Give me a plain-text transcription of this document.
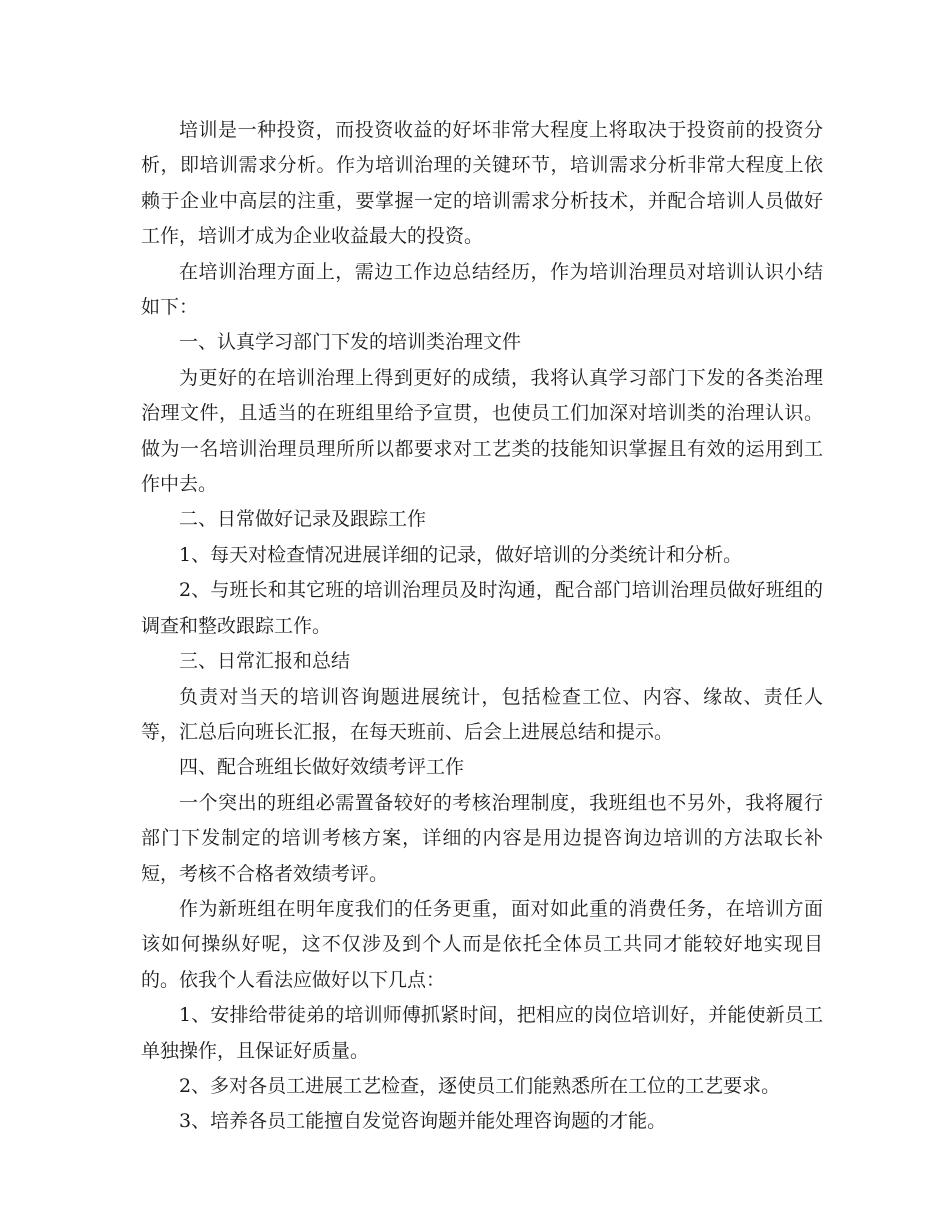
培训是一种投资，而投资收益的好坏非常大程度上将取决于投资前的投资分析，即培训需求分析。作为培训治理的关键环节，培训需求分析非常大程度上依赖于企业中高层的注重，要掌握一定的培训需求分析技术，并配合培训人员做好工作，培训才成为企业收益最大的投资。

在培训治理方面上，需边工作边总结经历，作为培训治理员对培训认识小结如下：

一、认真学习部门下发的培训类治理文件

为更好的在培训治理上得到更好的成绩，我将认真学习部门下发的各类治理治理文件，且适当的在班组里给予宣贯，也使员工们加深对培训类的治理认识。做为一名培训治理员理所所以都要求对工艺类的技能知识掌握且有效的运用到工作中去。

二、日常做好记录及跟踪工作

1、每天对检查情况进展详细的记录，做好培训的分类统计和分析。

2、与班长和其它班的培训治理员及时沟通，配合部门培训治理员做好班组的调查和整改跟踪工作。

三、日常汇报和总结

负责对当天的培训咨询题进展统计，包括检查工位、内容、缘故、责任人等，汇总后向班长汇报，在每天班前、后会上进展总结和提示。

四、配合班组长做好效绩考评工作

一个突出的班组必需置备较好的考核治理制度，我班组也不另外，我将履行部门下发制定的培训考核方案，详细的内容是用边提咨询边培训的方法取长补短，考核不合格者效绩考评。

作为新班组在明年度我们的任务更重，面对如此重的消费任务，在培训方面该如何操纵好呢，这不仅涉及到个人而是依托全体员工共同才能较好地实现目的。依我个人看法应做好以下几点：

1、安排给带徒弟的培训师傅抓紧时间，把相应的岗位培训好，并能使新员工单独操作，且保证好质量。

2、多对各员工进展工艺检查，逐使员工们能熟悉所在工位的工艺要求。

3、培养各员工能擅自发觉咨询题并能处理咨询题的才能。
